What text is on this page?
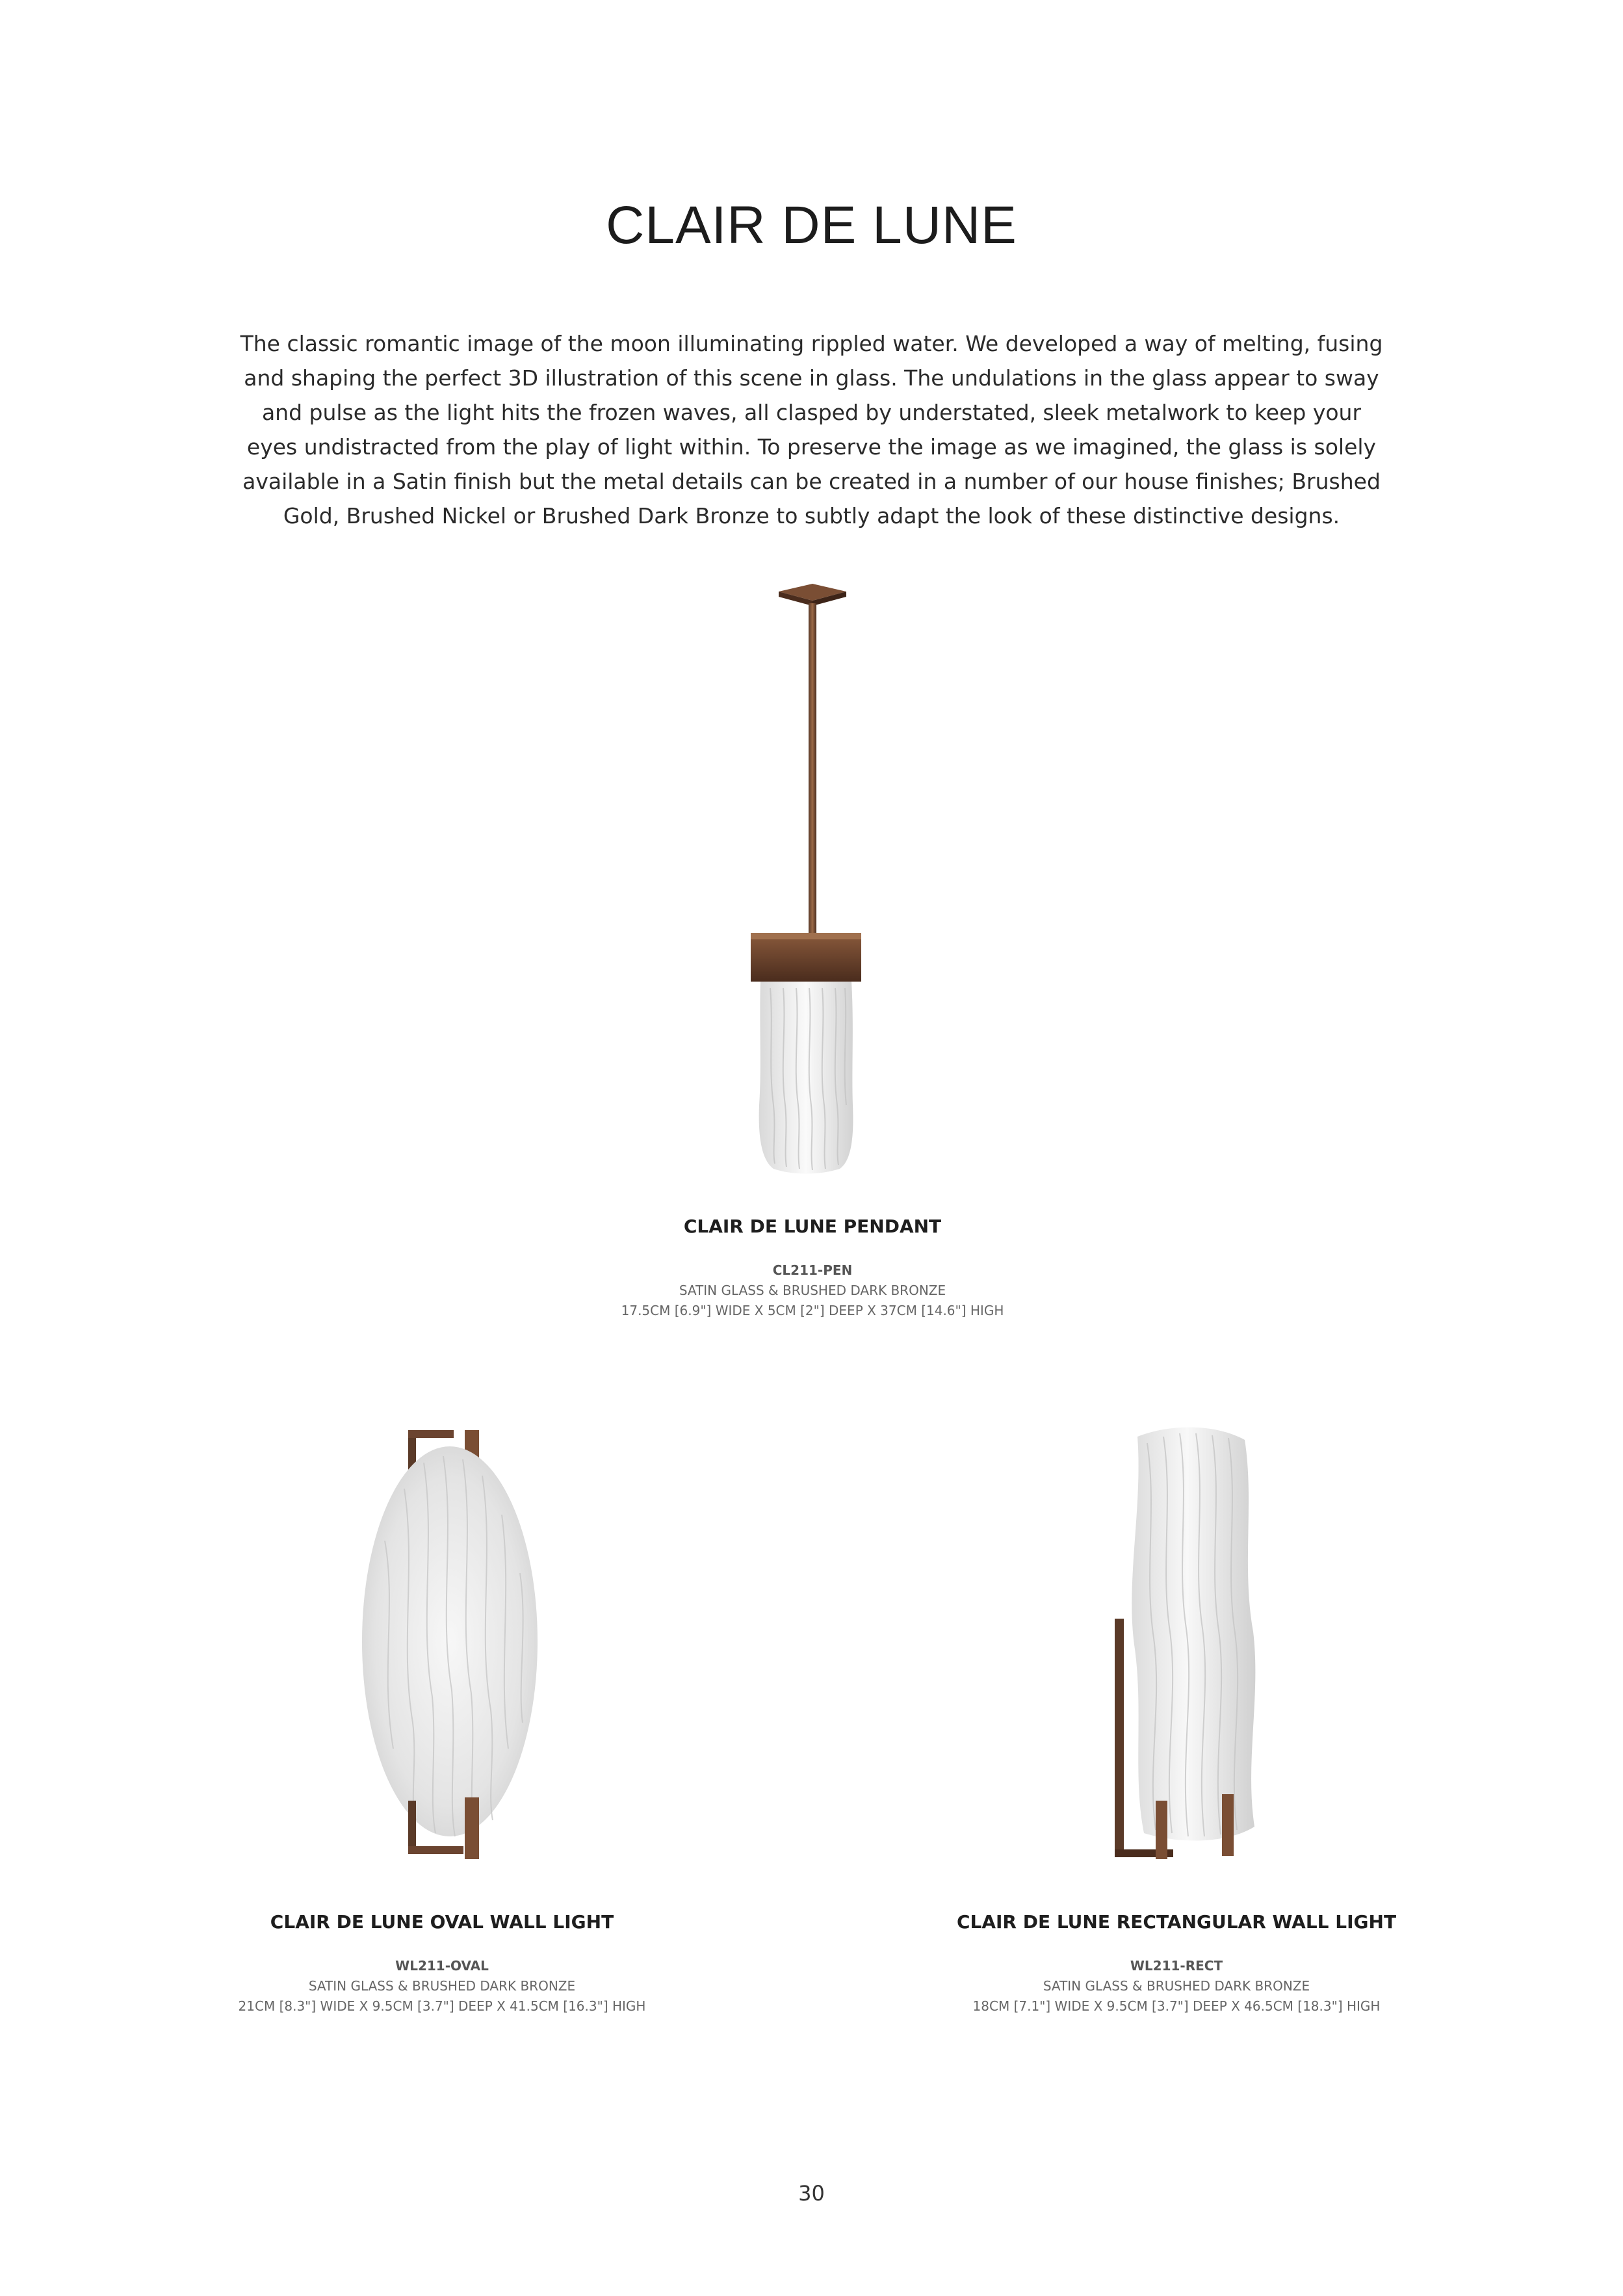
CLAIR DE LUNE

The classic romantic image of the moon illuminating rippled water. We developed a way of melting, fusing and shaping the perfect 3D illustration of this scene in glass. The undulations in the glass appear to sway and pulse as the light hits the frozen waves, all clasped by understated, sleek metalwork to keep your eyes undistracted from the play of light within. To preserve the image as we imagined, the glass is solely available in a Satin finish but the metal details can be created in a number of our house finishes; Brushed Gold, Brushed Nickel or Brushed Dark Bronze to subtly adapt the look of these distinctive designs.

CLAIR DE LUNE PENDANT

CL211-PEN

SATIN GLASS & BRUSHED DARK BRONZE

17.5CM [6.9"] WIDE X 5CM [2"] DEEP X 37CM [14.6"] HIGH

CLAIR DE LUNE OVAL WALL LIGHT

WL211-OVAL

SATIN GLASS & BRUSHED DARK BRONZE

21CM [8.3"] WIDE X 9.5CM [3.7"] DEEP X 41.5CM [16.3"] HIGH

CLAIR DE LUNE RECTANGULAR WALL LIGHT

WL211-RECT

SATIN GLASS & BRUSHED DARK BRONZE

18CM [7.1"] WIDE X 9.5CM [3.7"] DEEP X 46.5CM [18.3"] HIGH

30
